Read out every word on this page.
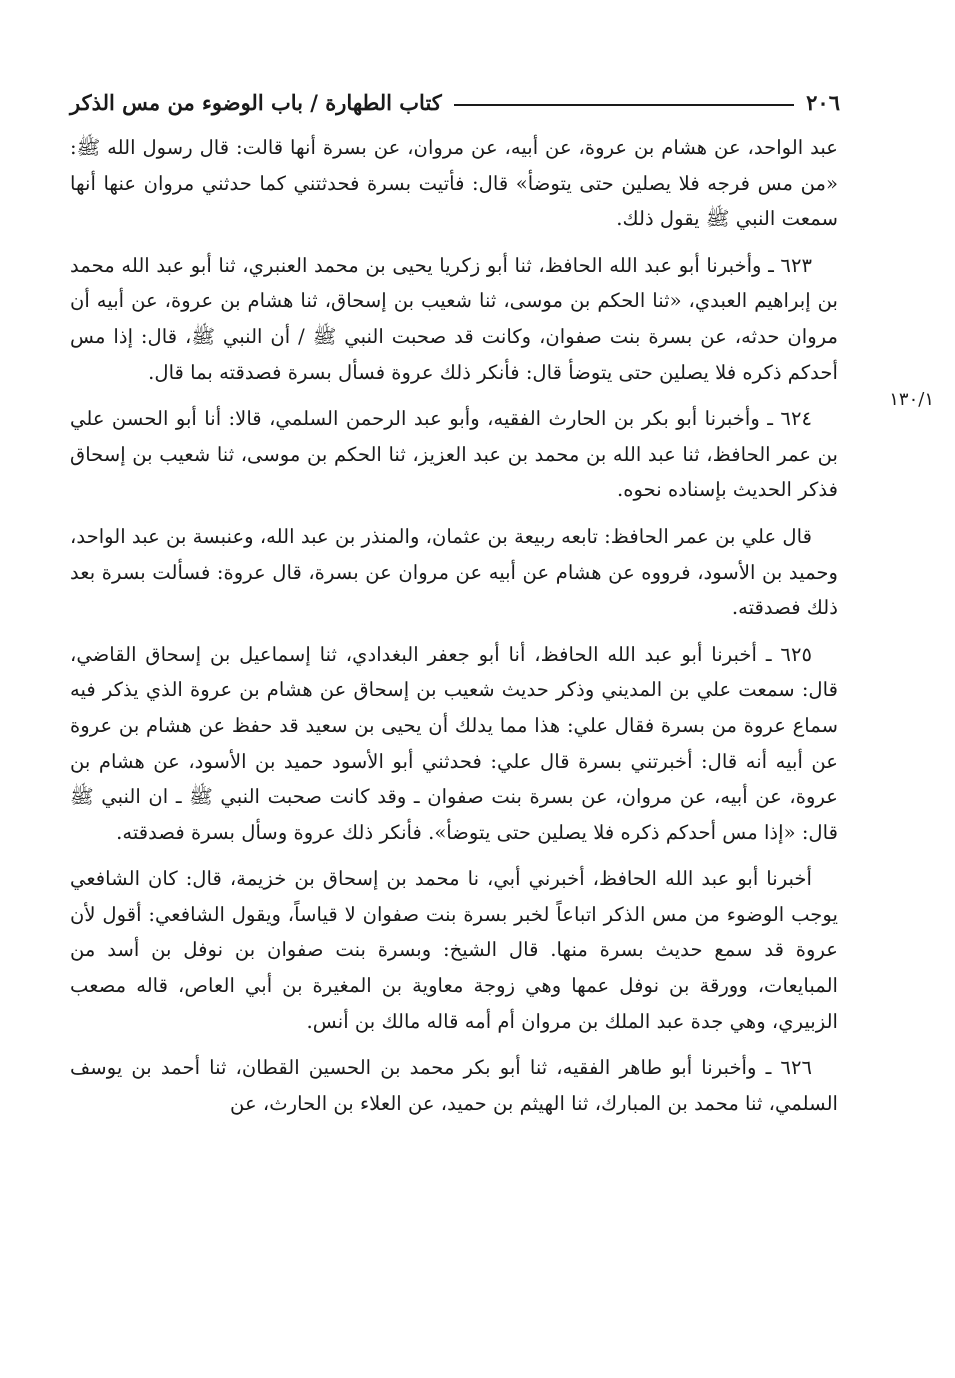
كتاب الطهارة / باب الوضوء من مس الذكر	٢٠٦
١٣٠/١

عبد الواحد، عن هشام بن عروة، عن أبيه، عن مروان، عن بسرة أنها قالت: قال رسول الله ﷺ: «من مس فرجه فلا يصلين حتى يتوضأ» قال: فأتيت بسرة فحدثتني كما حدثني مروان عنها أنها سمعت النبي ﷺ يقول ذلك.

٦٢٣ ـ وأخبرنا أبو عبد الله الحافظ، ثنا أبو زكريا يحيى بن محمد العنبري، ثنا أبو عبد الله محمد بن إبراهيم العبدي، «ثنا الحكم بن موسى، ثنا شعيب بن إسحاق، ثنا هشام بن عروة، عن أبيه أن مروان حدثه، عن بسرة بنت صفوان، وكانت قد صحبت النبي ﷺ / أن النبي ﷺ، قال: إذا مس أحدكم ذكره فلا يصلين حتى يتوضأ قال: فأنكر ذلك عروة فسأل بسرة فصدقته بما قال.

٦٢٤ ـ وأخبرنا أبو بكر بن الحارث الفقيه، وأبو عبد الرحمن السلمي، قالا: أنا أبو الحسن علي بن عمر الحافظ، ثنا عبد الله بن محمد بن عبد العزيز، ثنا الحكم بن موسى، ثنا شعيب بن إسحاق فذكر الحديث بإسناده نحوه.

قال علي بن عمر الحافظ: تابعه ربيعة بن عثمان، والمنذر بن عبد الله، وعنبسة بن عبد الواحد، وحميد بن الأسود، فرووه عن هشام عن أبيه عن مروان عن بسرة، قال عروة: فسألت بسرة بعد ذلك فصدقته.

٦٢٥ ـ أخبرنا أبو عبد الله الحافظ، أنا أبو جعفر البغدادي، ثنا إسماعيل بن إسحاق القاضي، قال: سمعت علي بن المديني وذكر حديث شعيب بن إسحاق عن هشام بن عروة الذي يذكر فيه سماع عروة من بسرة فقال علي: هذا مما يدلك أن يحيى بن سعيد قد حفظ عن هشام بن عروة عن أبيه أنه قال: أخبرتني بسرة قال علي: فحدثني أبو الأسود حميد بن الأسود، عن هشام بن عروة، عن أبيه، عن مروان، عن بسرة بنت صفوان ـ وقد كانت صحبت النبي ﷺ ـ ان النبي ﷺ قال: «إذا مس أحدكم ذكره فلا يصلين حتى يتوضأ». فأنكر ذلك عروة وسأل بسرة فصدقته.

أخبرنا أبو عبد الله الحافظ، أخبرني أبي، نا محمد بن إسحاق بن خزيمة، قال: كان الشافعي يوجب الوضوء من مس الذكر اتباعاً لخبر بسرة بنت صفوان لا قياساً، ويقول الشافعي: أقول لأن عروة قد سمع حديث بسرة منها. قال الشيخ: وبسرة بنت صفوان بن نوفل بن أسد من المبايعات، وورقة بن نوفل عمها وهي زوجة معاوية بن المغيرة بن أبي العاص، قاله مصعب الزبيري، وهي جدة عبد الملك بن مروان أم أمه قاله مالك بن أنس.

٦٢٦ ـ وأخبرنا أبو طاهر الفقيه، ثنا أبو بكر محمد بن الحسين القطان، ثنا أحمد بن يوسف السلمي، ثنا محمد بن المبارك، ثنا الهيثم بن حميد، عن العلاء بن الحارث، عن
